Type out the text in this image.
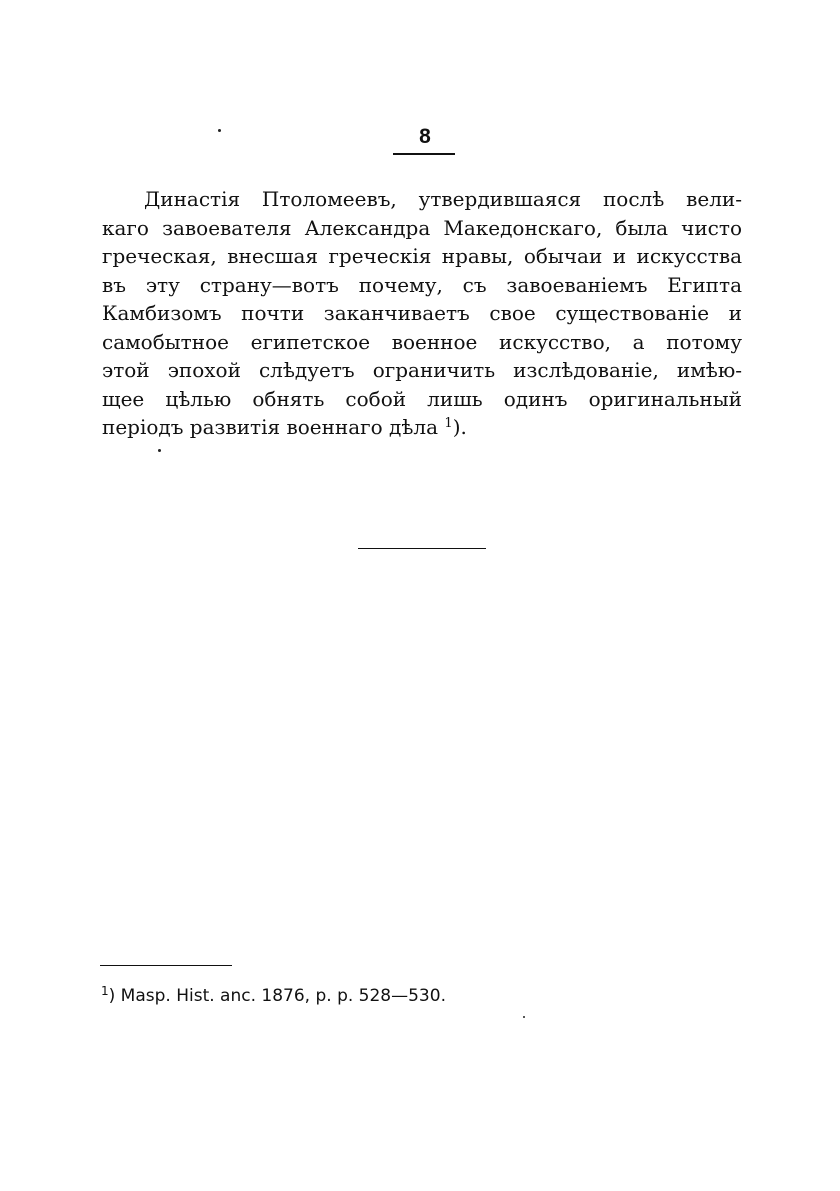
8

Династія Птоломеевъ, утвердившаяся послѣ вели-
каго завоевателя Александра Македонскаго, была чисто
греческая, внесшая греческія нравы, обычаи и искусства
въ эту страну—вотъ почему, съ завоеваніемъ Египта
Камбизомъ почти заканчиваетъ свое существованіе и
самобытное египетское военное искусство, а потому
этой эпохой слѣдуетъ ограничить изслѣдованіе, имѣю-
щее цѣлью обнять собой лишь одинъ оригинальный
періодъ развитія военнаго дѣла $^1$).

$^1$) Masp. Hist. anc. 1876, p. p. 528—530.
